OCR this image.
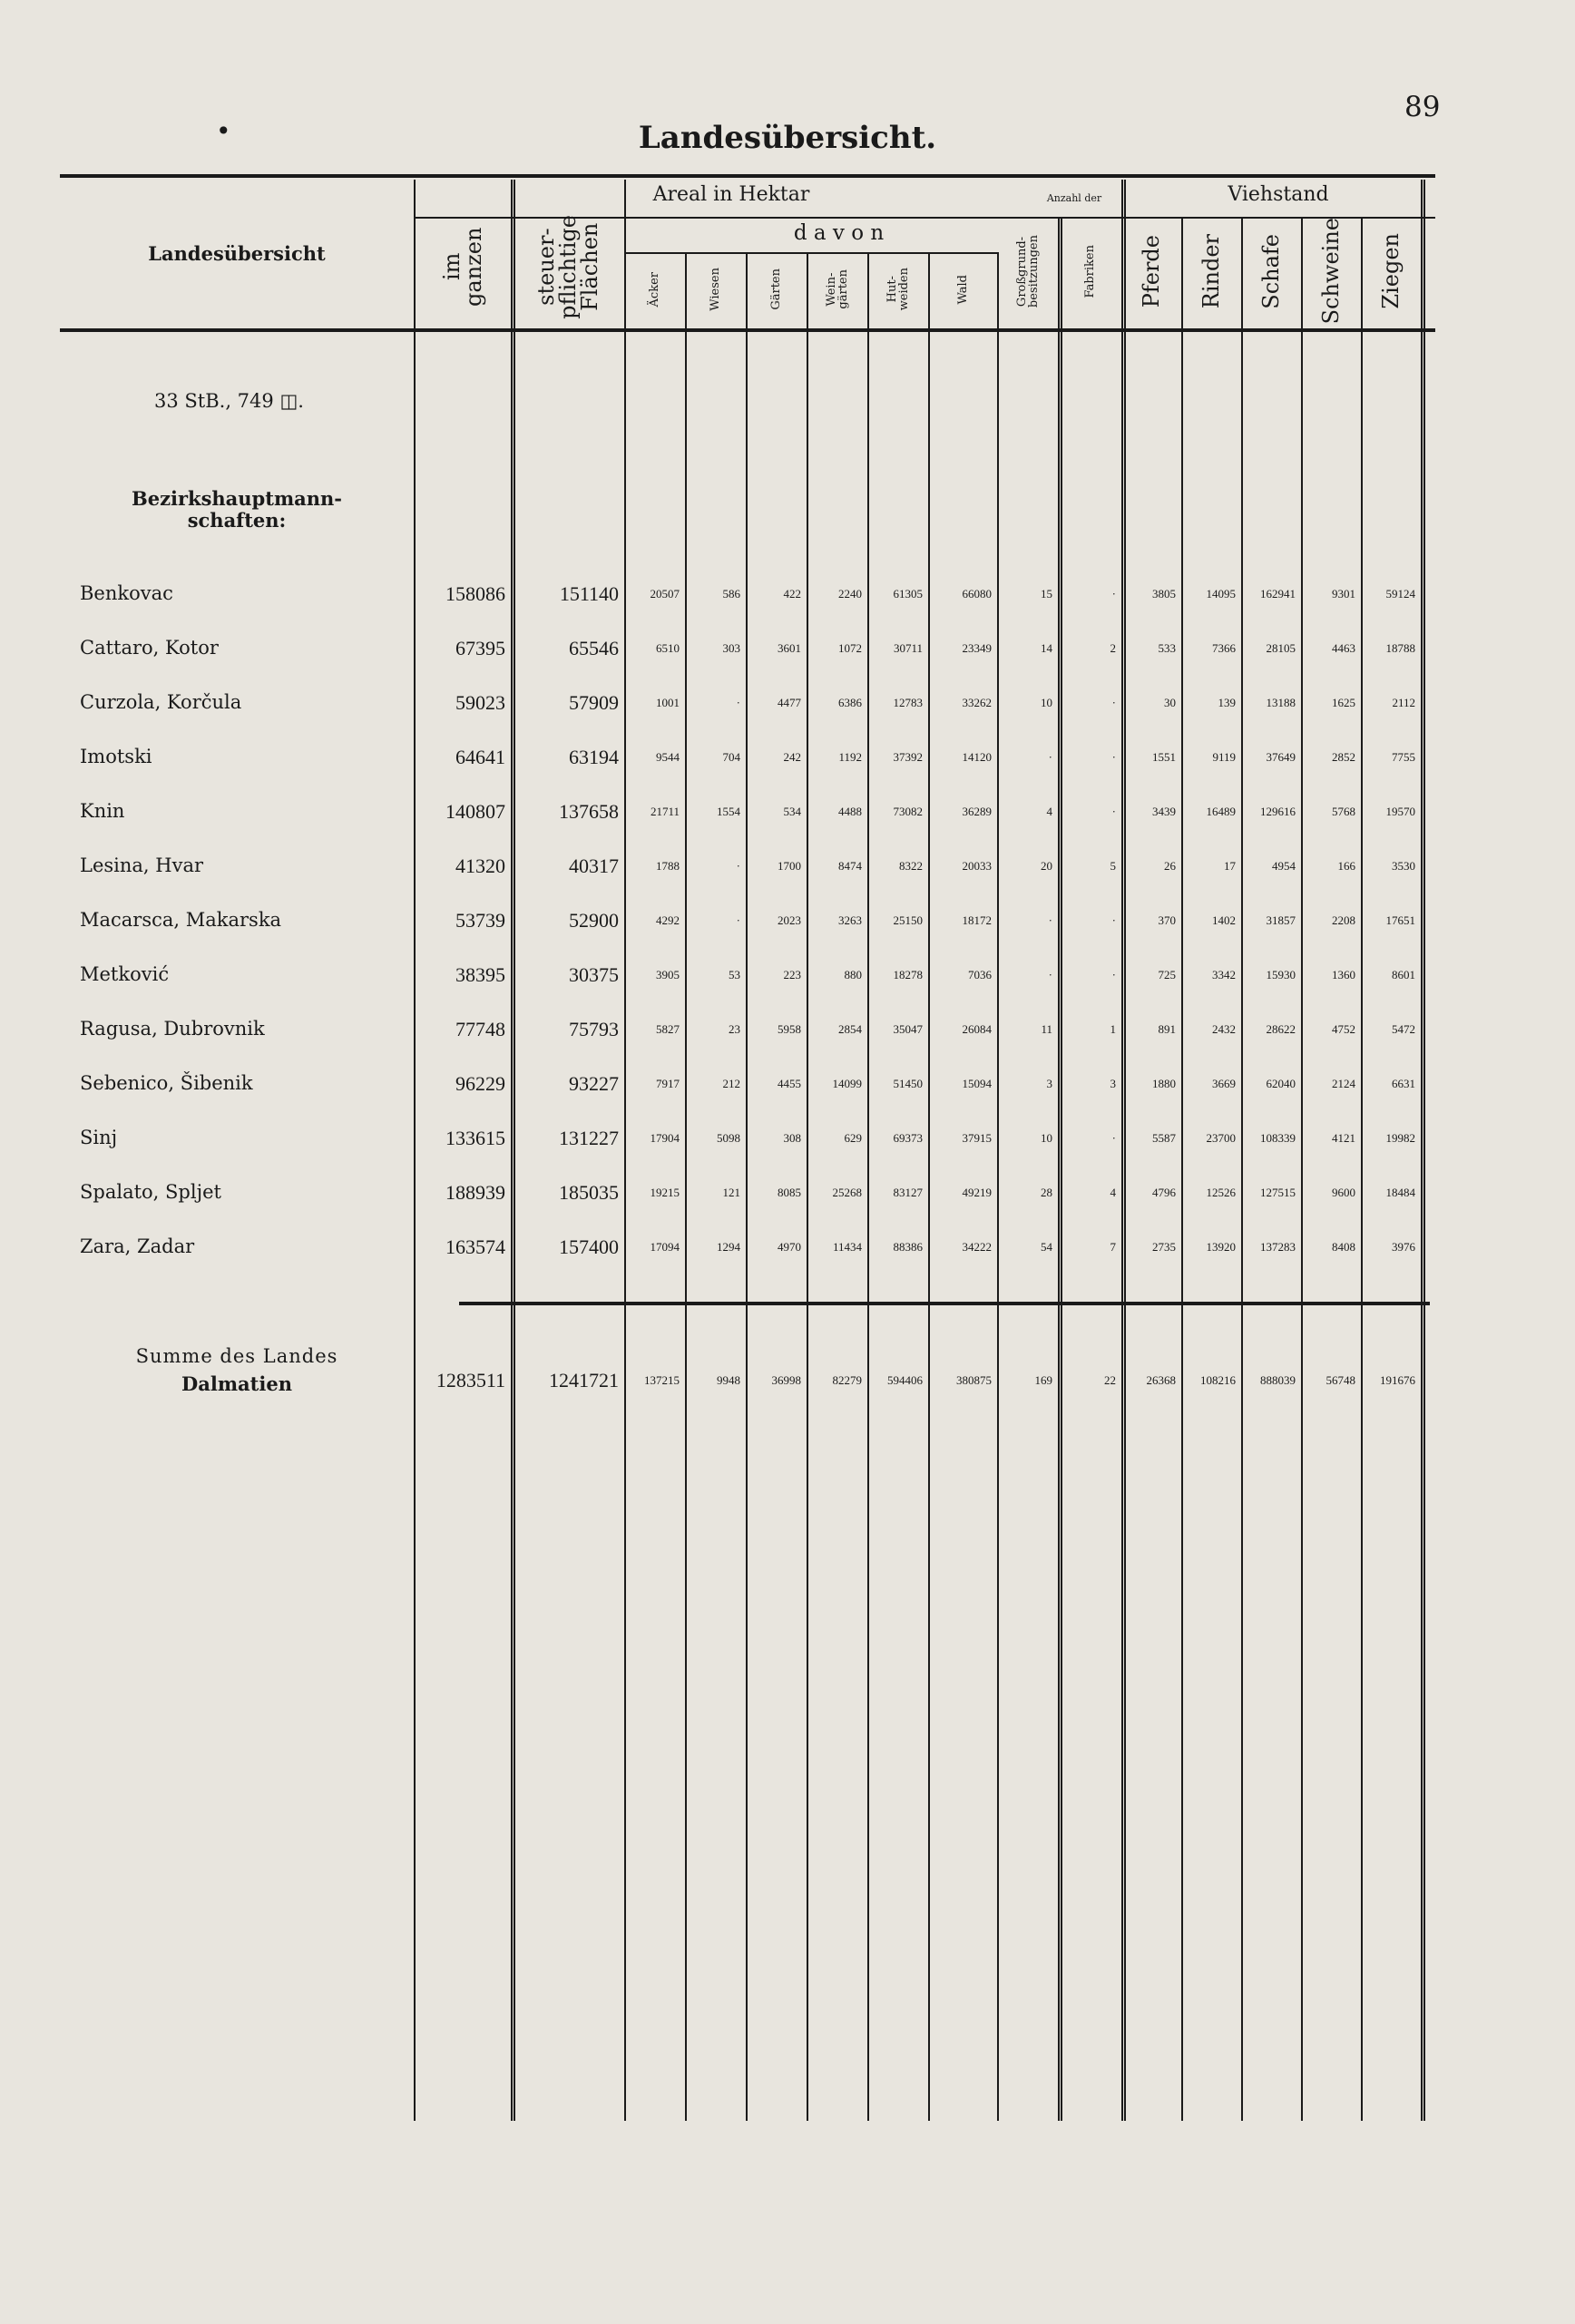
•	Landesübersicht.
89
Landesübersicht
Areal in Hektar
d a v o n
Anzahl der	Viehstand
im ganzen steuer-
pflichtige
Flächen	Äcker	Wiesen	Gärten	Wein-
gärten	Hut-
weiden	Wald	Großgrund-
besitzungen	Fabriken Pferde Rinder Schafe Schweine Ziegen
33 StB., 749 ◫.
Bezirkshauptmann-
schaften:
Benkovac	158086	151140	20507	586	422	2240	61305	66080	15	·	3805	14095	162941	9301	59124
Cattaro, Kotor	67395	65546	6510	303	3601	1072	30711	23349	14	2	533	7366	28105	4463	18788
Curzola, Korčula	59023	57909	1001	·	4477	6386	12783	33262	10	·	30	139	13188	1625	2112
Imotski	64641	63194	9544	704	242	1192	37392	14120	·	·	1551	9119	37649	2852	7755
Knin	140807	137658	21711	1554	534	4488	73082	36289	4	·	3439	16489	129616	5768	19570
Lesina, Hvar	41320	40317	1788	·	1700	8474	8322	20033	20	5	26	17	4954	166	3530
Macarsca, Makarska	53739	52900	4292	·	2023	3263	25150	18172	·	·	370	1402	31857	2208	17651
Metković	38395	30375	3905	53	223	880	18278	7036	·	·	725	3342	15930	1360	8601
Ragusa, Dubrovnik	77748	75793	5827	23	5958	2854	35047	26084	11	1	891	2432	28622	4752	5472
Sebenico, Šibenik	96229	93227	7917	212	4455	14099	51450	15094	3	3	1880	3669	62040	2124	6631
Sinj	133615	131227	17904	5098	308	629	69373	37915	10	·	5587	23700	108339	4121	19982
Spalato, Spljet	188939	185035	19215	121	8085	25268	83127	49219	28	4	4796	12526	127515	9600	18484
Zara, Zadar	163574	157400	17094	1294	4970	11434	88386	34222	54	7	2735	13920	137283	8408	3976
Summe des Landes
Dalmatien	1283511	1241721	137215	9948	36998	82279	594406	380875	169	22	26368	108216	888039	56748	191676
